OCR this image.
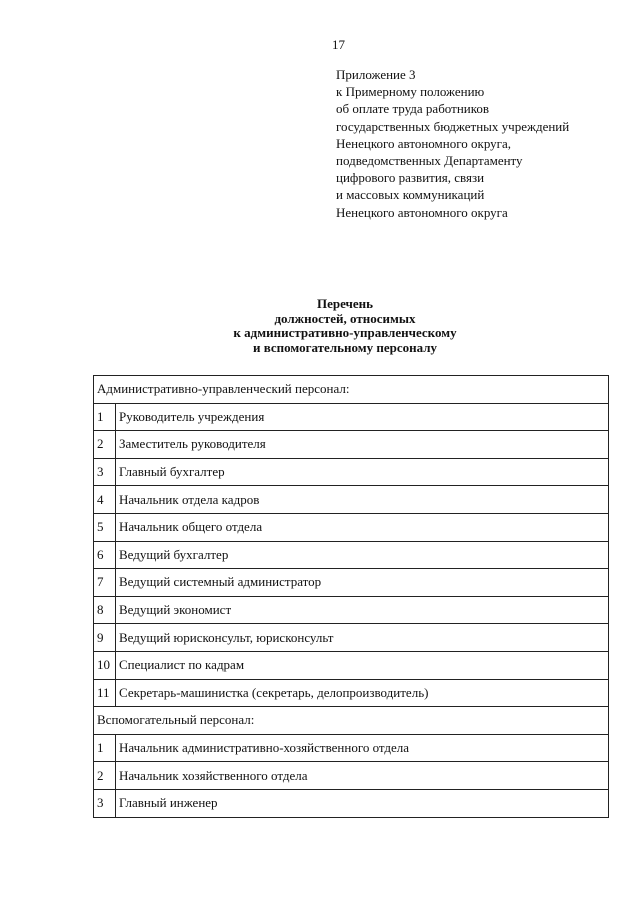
17
Приложение 3
к Примерному положению
об оплате труда работников
государственных бюджетных учреждений
Ненецкого автономного округа,
подведомственных Департаменту
цифрового развития, связи
и массовых коммуникаций
Ненецкого автономного округа
Перечень
должностей, относимых
к административно-управленческому
и вспомогательному персоналу
Административно-управленческий персонал:	
1	Руководитель учреждения
2	Заместитель руководителя
3	Главный бухгалтер
4	Начальник отдела кадров
5	Начальник общего отдела
6	Ведущий бухгалтер
7	Ведущий системный администратор
8	Ведущий экономист
9	Ведущий юрисконсульт, юрисконсульт
10	Специалист по кадрам
11	Секретарь-машинистка (секретарь, делопроизводитель)
Вспомогательный персонал:	
1	Начальник административно-хозяйственного отдела
2	Начальник хозяйственного отдела
3	Главный инженер
